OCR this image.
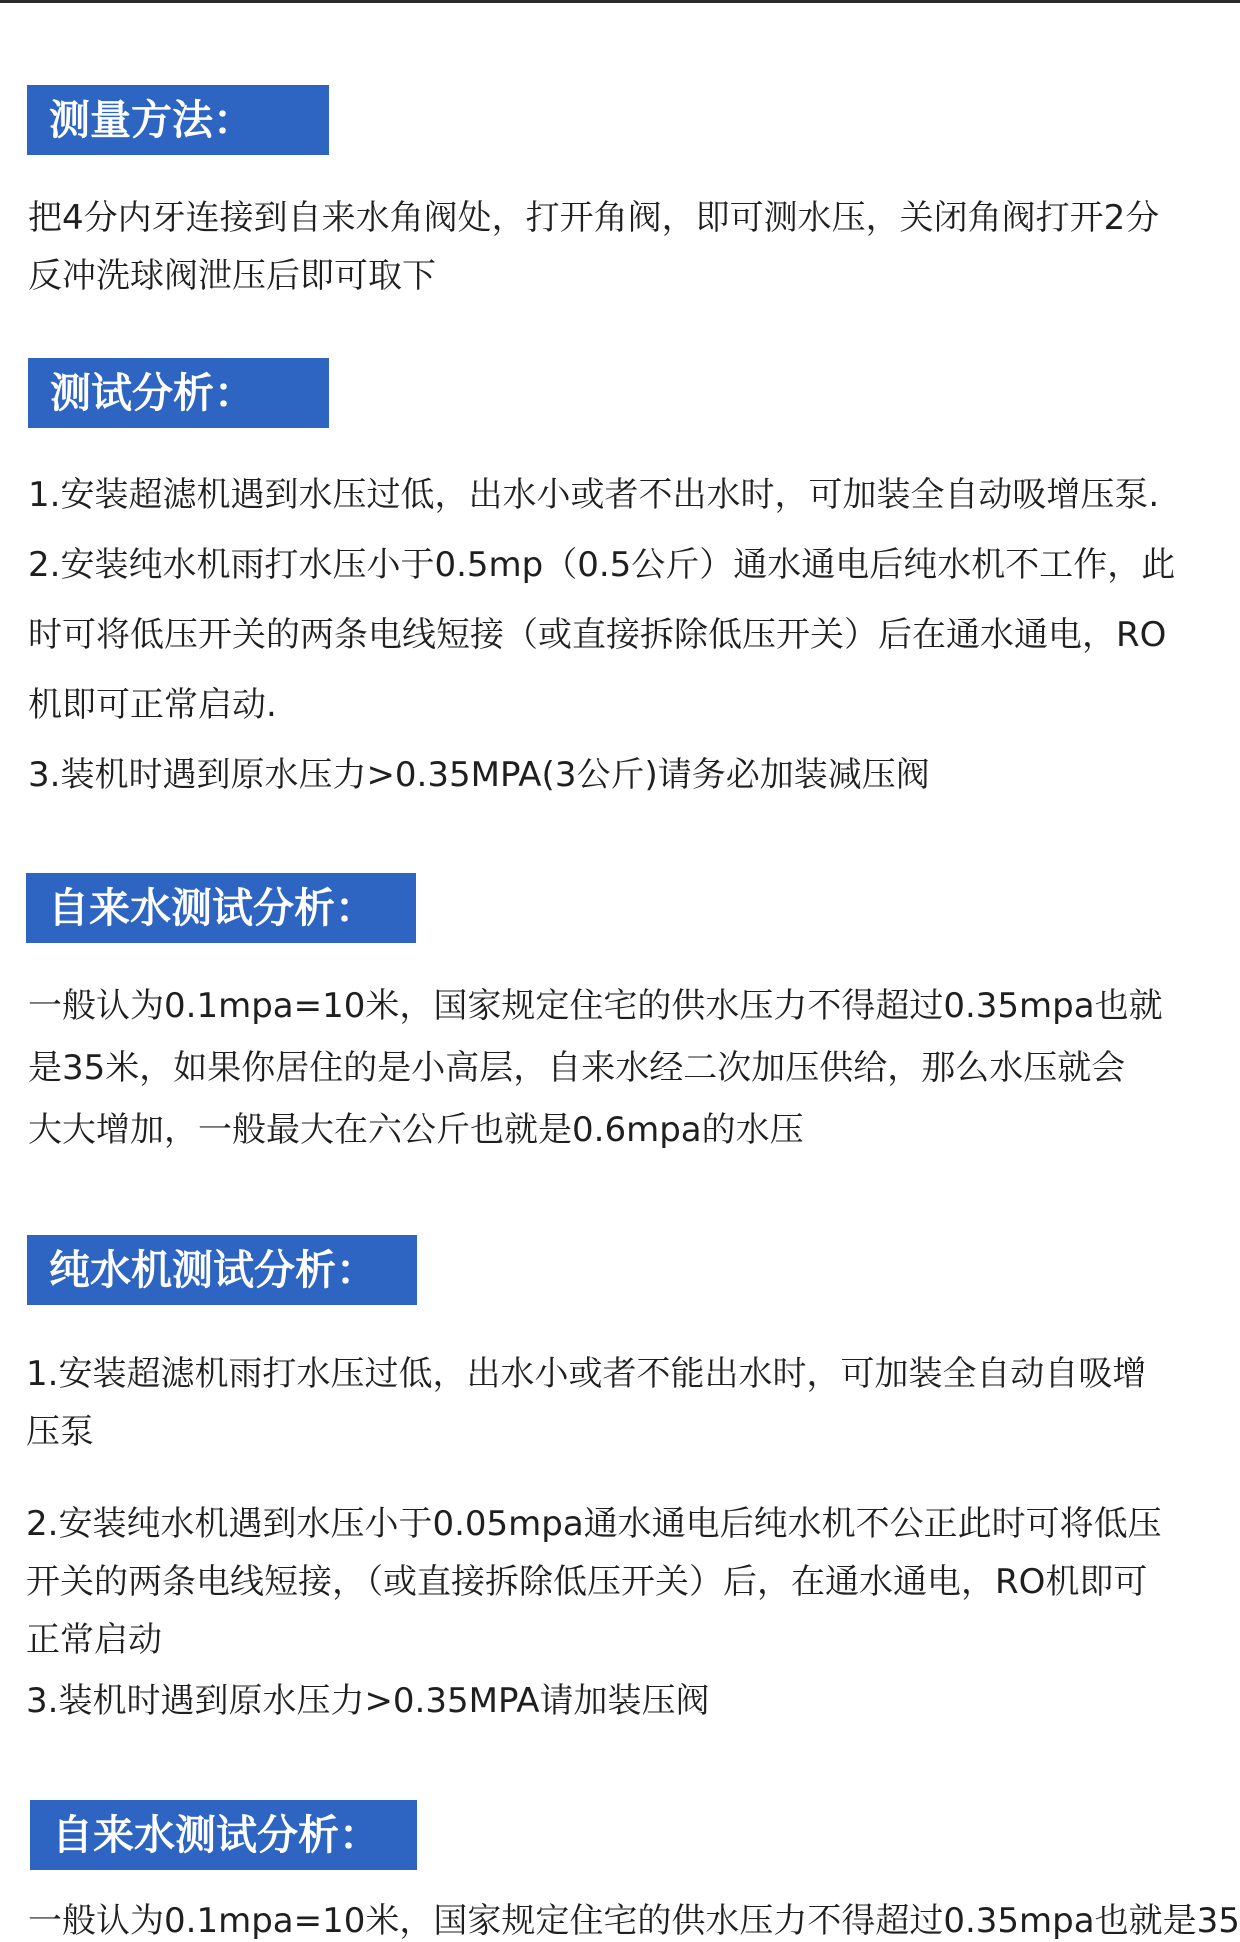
测量方法：
把4分内牙连接到自来水角阀处，打开角阀，即可测水压，关闭角阀打开2分
反冲洗球阀泄压后即可取下
测试分析：
1.安装超滤机遇到水压过低，出水小或者不出水时，可加装全自动吸增压泵.
2.安装纯水机雨打水压小于0.5mp（0.5公斤）通水通电后纯水机不工作，此
时可将低压开关的两条电线短接（或直接拆除低压开关）后在通水通电，RO
机即可正常启动.
3.装机时遇到原水压力>0.35MPA(3公斤)请务必加装减压阀
自来水测试分析：
一般认为0.1mpa=10米，国家规定住宅的供水压力不得超过0.35mpa也就
是35米，如果你居住的是小高层，自来水经二次加压供给，那么水压就会
大大增加，一般最大在六公斤也就是0.6mpa的水压
纯水机测试分析：
1.安装超滤机雨打水压过低，出水小或者不能出水时，可加装全自动自吸增
压泵
2.安装纯水机遇到水压小于0.05mpa通水通电后纯水机不公正此时可将低压
开关的两条电线短接，（或直接拆除低压开关）后，在通水通电，RO机即可
正常启动
3.装机时遇到原水压力>0.35MPA请加装压阀
自来水测试分析：
一般认为0.1mpa=10米，国家规定住宅的供水压力不得超过0.35mpa也就是35
